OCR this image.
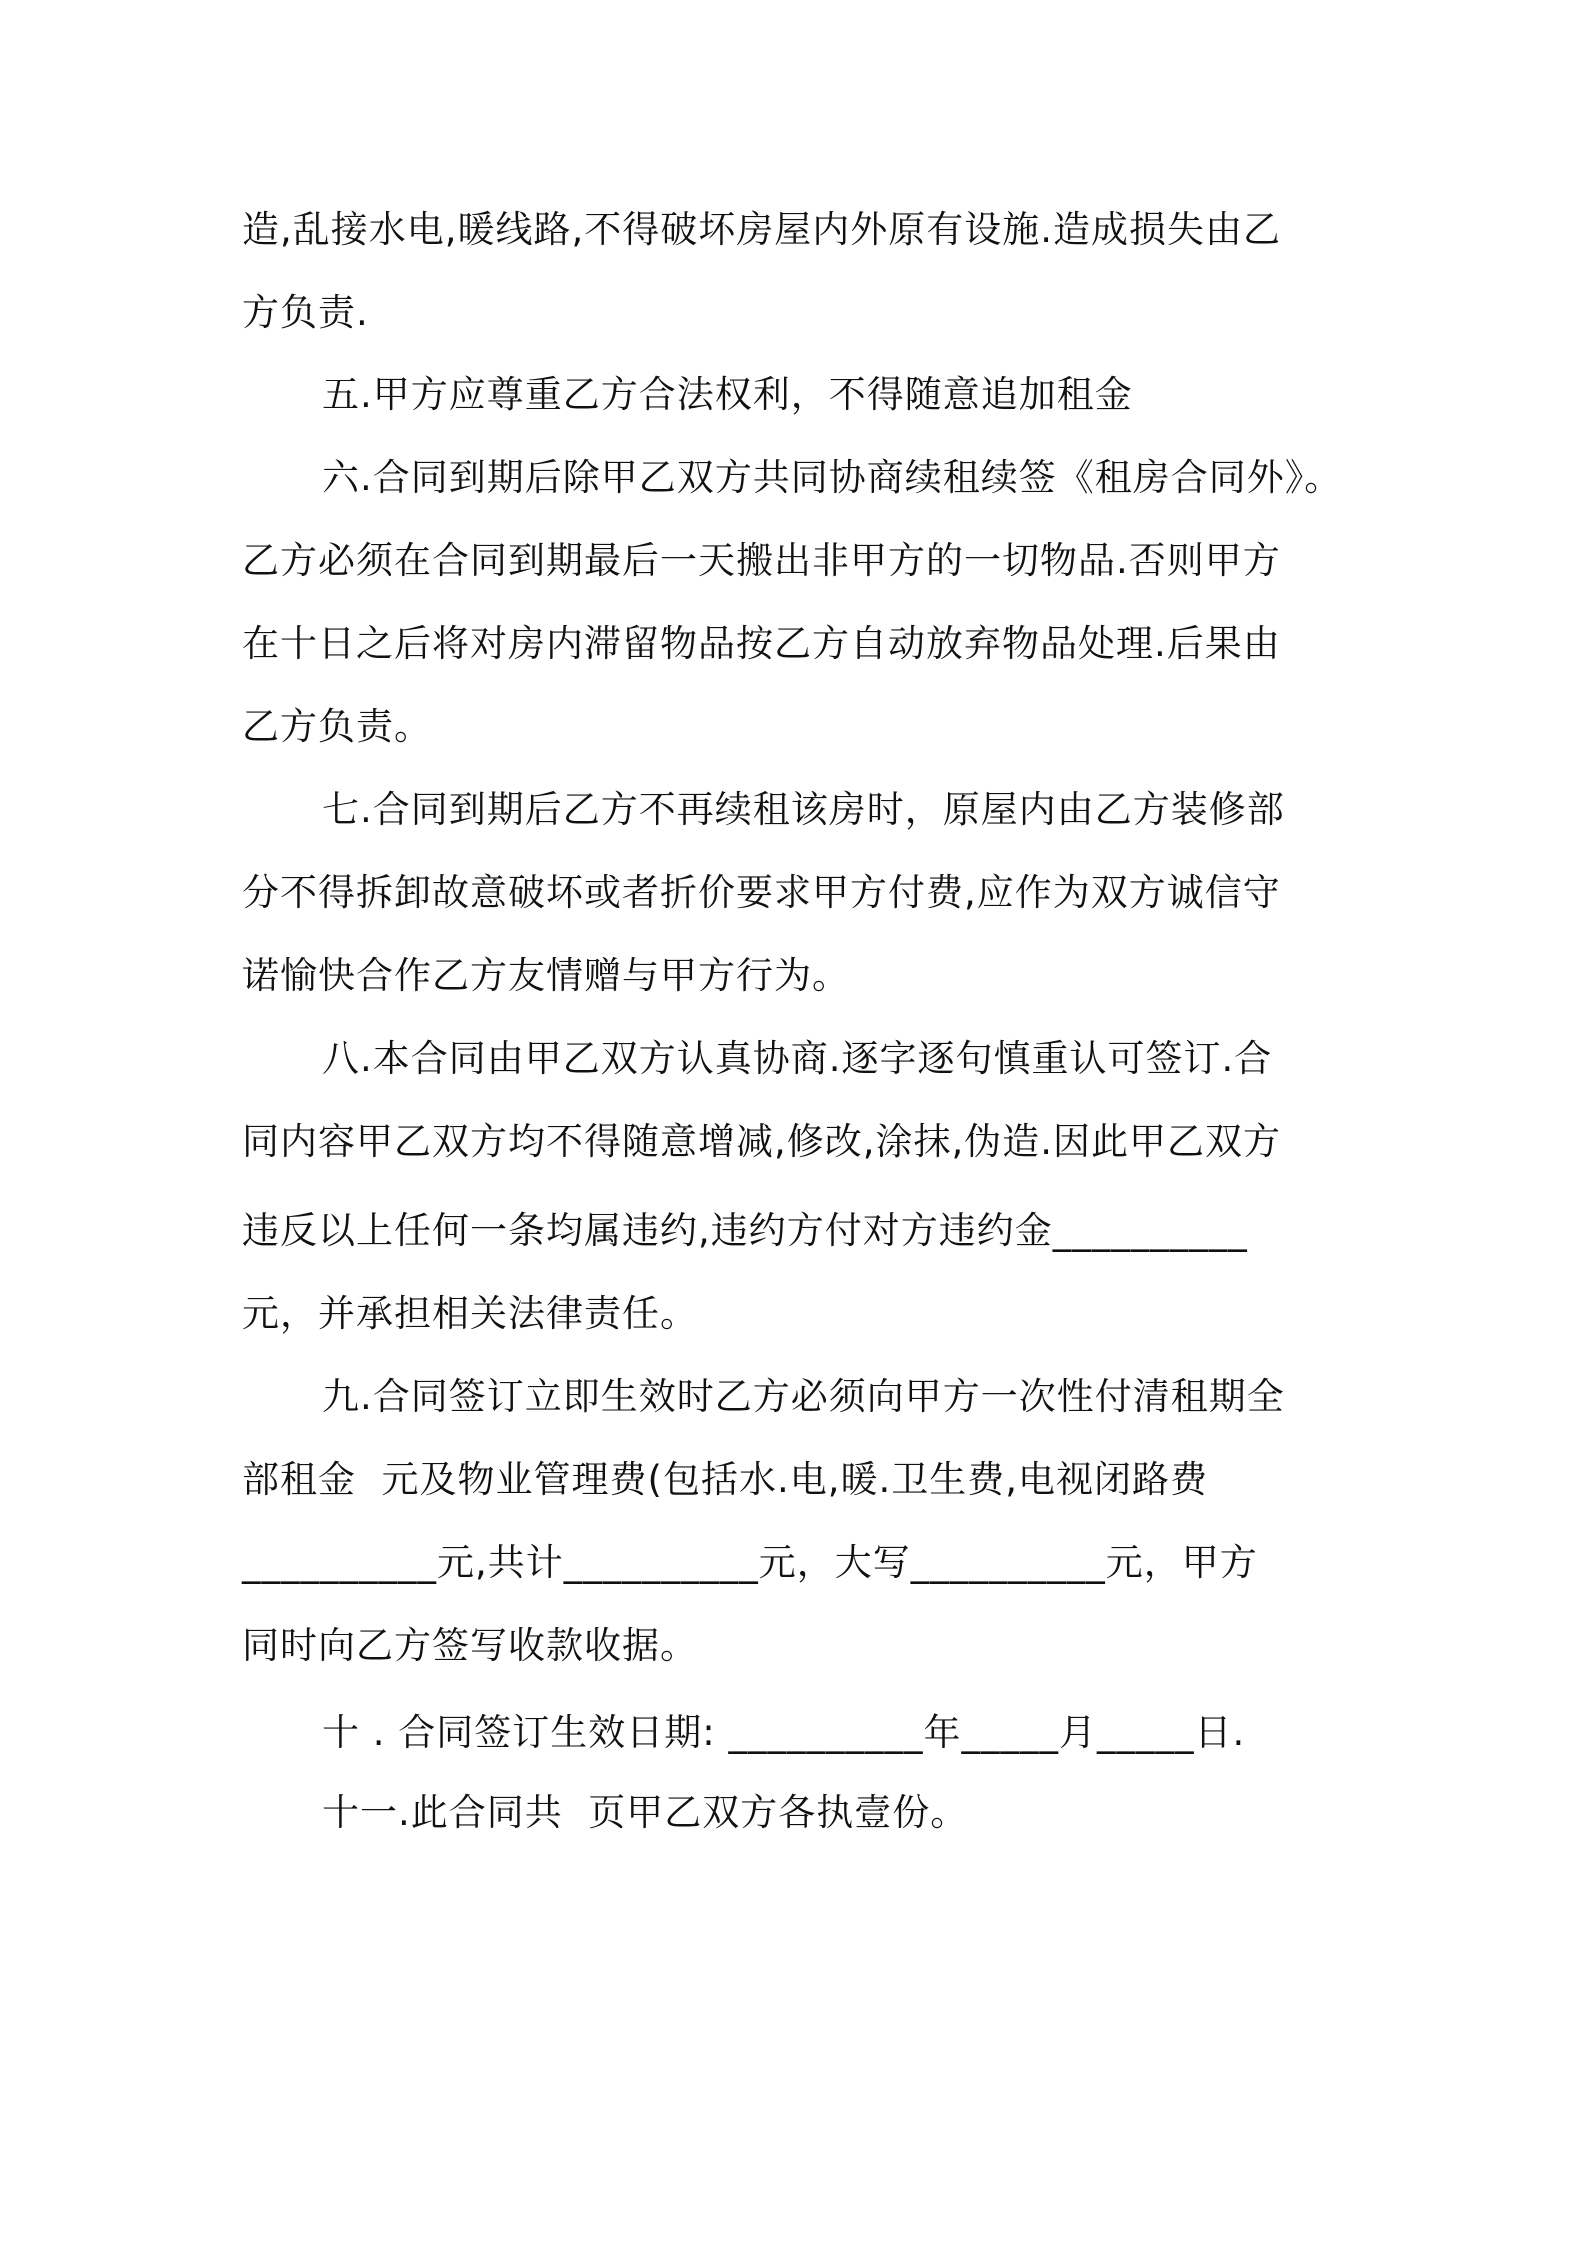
造,乱接水电,暖线路,不得破坏房屋内外原有设施.造成损失由乙
方负责.
五.甲方应尊重乙方合法权利，不得随意追加租金
六.合同到期后除甲乙双方共同协商续租续签《租房合同外》。
乙方必须在合同到期最后一天搬出非甲方的一切物品.否则甲方
在十日之后将对房内滞留物品按乙方自动放弃物品处理.后果由
乙方负责。
七.合同到期后乙方不再续租该房时，原屋内由乙方装修部
分不得拆卸故意破坏或者折价要求甲方付费,应作为双方诚信守
诺愉快合作乙方友情赠与甲方行为。
八.本合同由甲乙双方认真协商.逐字逐句慎重认可签订.合
同内容甲乙双方均不得随意增减,修改,涂抹,伪造.因此甲乙双方
违反以上任何一条均属违约,违约方付对方违约金__________
元，并承担相关法律责任。
九.合同签订立即生效时乙方必须向甲方一次性付清租期全
部租金  元及物业管理费(包括水.电,暖.卫生费,电视闭路费
__________元,共计__________元，大写__________元，甲方
同时向乙方签写收款收据。
十 . 合同签订生效日期: __________年_____月_____日.
十一.此合同共  页甲乙双方各执壹份。
